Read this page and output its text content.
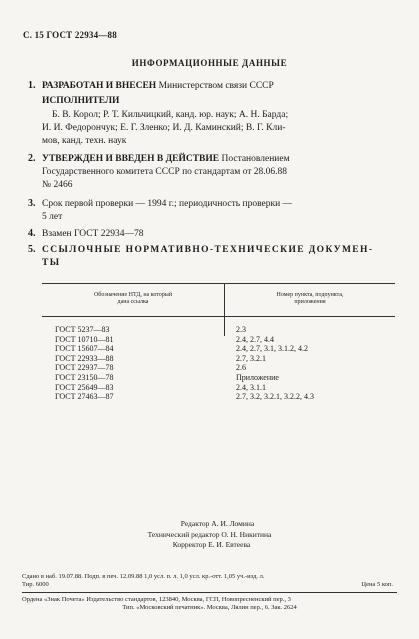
С. 15 ГОСТ 22934—88
ИНФОРМАЦИОННЫЕ ДАННЫЕ
1. РАЗРАБОТАН И ВНЕСЕН Министерством связи СССР
ИСПОЛНИТЕЛИ
Б. В. Корол; Р. Т. Кильчицкий, канд. юр. наук; А. Н. Барда;
И. И. Федорончук; Е. Г. Зленко; И. Д. Каминский; В. Г. Кли-
мов, канд. техн. наук
2. УТВЕРЖДЕН И ВВЕДЕН В ДЕЙСТВИЕ Постановлением
Государственного комитета СССР по стандартам от 28.06.88
№ 2466
3. Срок первой проверки — 1994 г.; периодичность проверки —
5 лет
4. Взамен ГОСТ 22934—78
5. ССЫЛОЧНЫЕ НОРМАТИВНО-ТЕХНИЧЕСКИЕ ДОКУМЕН-
ТЫ
Обозначение НТД, на который
дана ссылка
Номер пункта, подпункта,
приложения
ГОСТ 5237—83
ГОСТ 10710—81
ГОСТ 15607—84
ГОСТ 22933—88
ГОСТ 22937—78
ГОСТ 23150—78
ГОСТ 25649—83
ГОСТ 27463—87
2.3
2.4, 2.7, 4.4
2.4, 2.7, 3.1, 3.1.2, 4.2
2.7, 3.2.1
2.6
Приложение
2.4, 3.1.1
2.7, 3.2, 3.2.1, 3.2.2, 4.3
Редактор А. И. Ломина
Технический редактор О. Н. Никитина
Корректор Е. И. Евтеева
Сдано в наб. 19.07.88. Подп. в печ. 12.09.88 1,0 усл. п. л. 1,0 усл. кр.-отт. 1,05 уч.-изд. л.
Тир. 6000	Цена 5 коп.
Ордена «Знак Почета» Издательство стандартов, 123840, Москва, ГСП, Новопресненский пер., 3
Тип. «Московский печатник». Москва, Лялин пер., 6. Зак. 2624
